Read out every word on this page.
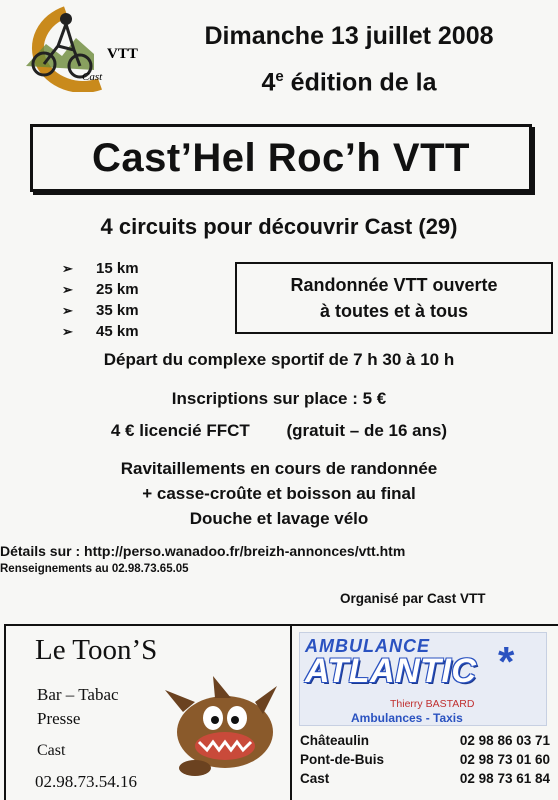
VTT
Cast
Dimanche 13 juillet 2008
4e édition de la
Cast’Hel Roc’h VTT
4 circuits pour découvrir Cast (29)
➢	15 km
➢	25 km
➢	35 km
➢	45 km
Randonnée VTT ouverte
à toutes et à tous
Départ du complexe sportif de 7 h 30 à 10 h
Inscriptions sur place : 5 €
4 € licencié FFCT (gratuit – de 16 ans)
Ravitaillements en cours de randonnée
+ casse-croûte et boisson au final
Douche et lavage vélo
Détails sur : http://perso.wanadoo.fr/breizh-annonces/vtt.htm
Renseignements au 02.98.73.65.05
Organisé par Cast VTT
Le Toon’S
Bar – Tabac
Presse
Cast
02.98.73.54.16
AMBULANCE
ATLANTIC *
Thierry BASTARD
Ambulances - Taxis
Châteaulin	02 98 86 03 71
Pont-de-Buis	02 98 73 01 60
Cast	02 98 73 61 84
